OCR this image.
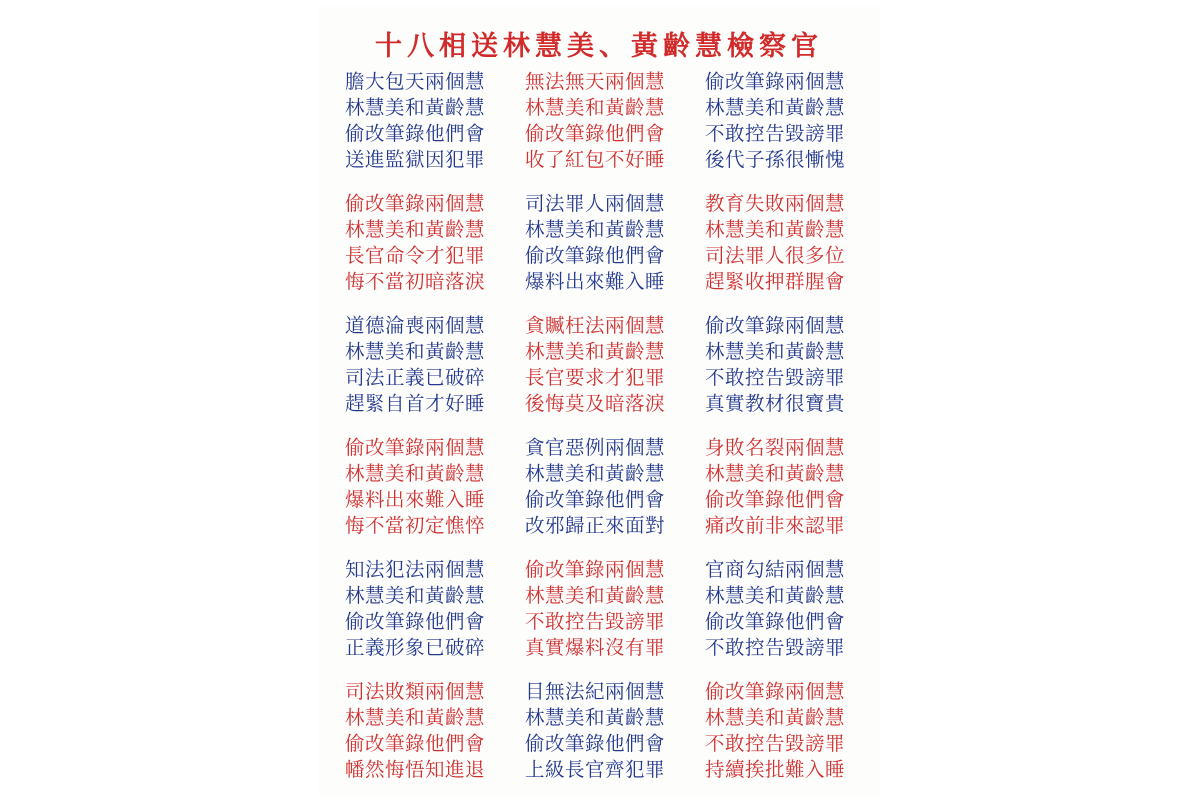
十八相送林慧美、黃齡慧檢察官
膽大包天兩個慧
林慧美和黃齡慧
偷改筆錄他們會
送進監獄因犯罪
無法無天兩個慧
林慧美和黃齡慧
偷改筆錄他們會
收了紅包不好睡
偷改筆錄兩個慧
林慧美和黃齡慧
不敢控告毀謗罪
後代子孫很慚愧
偷改筆錄兩個慧
林慧美和黃齡慧
長官命令才犯罪
悔不當初暗落淚
司法罪人兩個慧
林慧美和黃齡慧
偷改筆錄他們會
爆料出來難入睡
教育失敗兩個慧
林慧美和黃齡慧
司法罪人很多位
趕緊收押群腥會
道德淪喪兩個慧
林慧美和黃齡慧
司法正義已破碎
趕緊自首才好睡
貪贓枉法兩個慧
林慧美和黃齡慧
長官要求才犯罪
後悔莫及暗落淚
偷改筆錄兩個慧
林慧美和黃齡慧
不敢控告毀謗罪
真實教材很寶貴
偷改筆錄兩個慧
林慧美和黃齡慧
爆料出來難入睡
悔不當初定憔悴
貪官惡例兩個慧
林慧美和黃齡慧
偷改筆錄他們會
改邪歸正來面對
身敗名裂兩個慧
林慧美和黃齡慧
偷改筆錄他們會
痛改前非來認罪
知法犯法兩個慧
林慧美和黃齡慧
偷改筆錄他們會
正義形象已破碎
偷改筆錄兩個慧
林慧美和黃齡慧
不敢控告毀謗罪
真實爆料沒有罪
官商勾結兩個慧
林慧美和黃齡慧
偷改筆錄他們會
不敢控告毀謗罪
司法敗類兩個慧
林慧美和黃齡慧
偷改筆錄他們會
幡然悔悟知進退
目無法紀兩個慧
林慧美和黃齡慧
偷改筆錄他們會
上級長官齊犯罪
偷改筆錄兩個慧
林慧美和黃齡慧
不敢控告毀謗罪
持續挨批難入睡
